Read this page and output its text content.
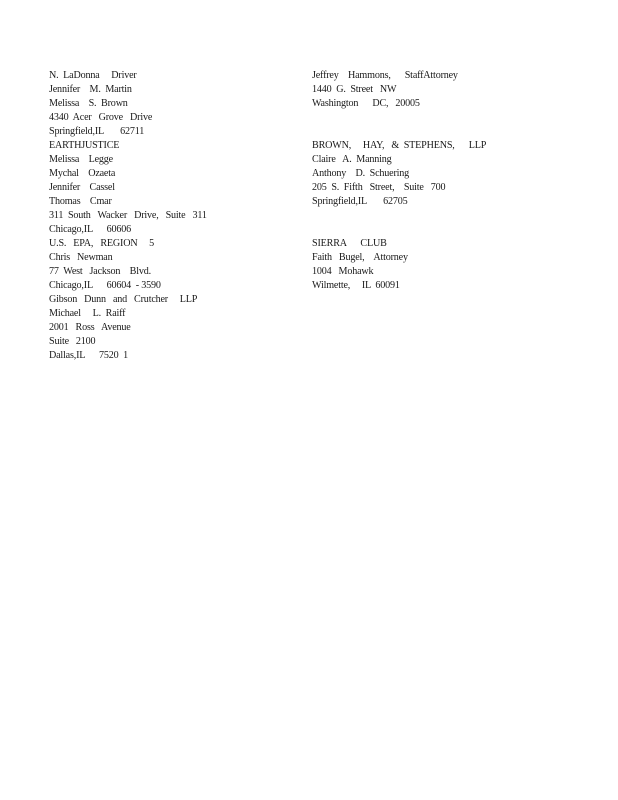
N.  LaDonna     Driver
Jennifer    M.  Martin
Melissa    S.  Brown
4340  Acer   Grove   Drive
Springfield,IL       62711
EARTHJUSTICE
Melissa    Legge
Mychal    Ozaeta
Jennifer    Cassel
Thomas    Cmar
311  South   Wacker   Drive,   Suite   311
Chicago,IL      60606
U.S.   EPA,   REGION     5
Chris   Newman
77  West   Jackson    Blvd.
Chicago,IL      60604  - 3590
Gibson   Dunn   and   Crutcher     LLP
Michael     L.  Raiff
2001   Ross   Avenue
Suite   2100
Dallas,IL      7520  1
Jeffrey    Hammons,      StaffAttorney
1440  G.  Street   NW
Washington      DC,   20005
BROWN,     HAY,   &  STEPHENS,      LLP
Claire   A.  Manning
Anthony    D.  Schuering
205  S.  Fifth   Street,    Suite   700
Springfield,IL       62705
SIERRA      CLUB
Faith   Bugel,    Attorney
1004   Mohawk
Wilmette,     IL  60091
